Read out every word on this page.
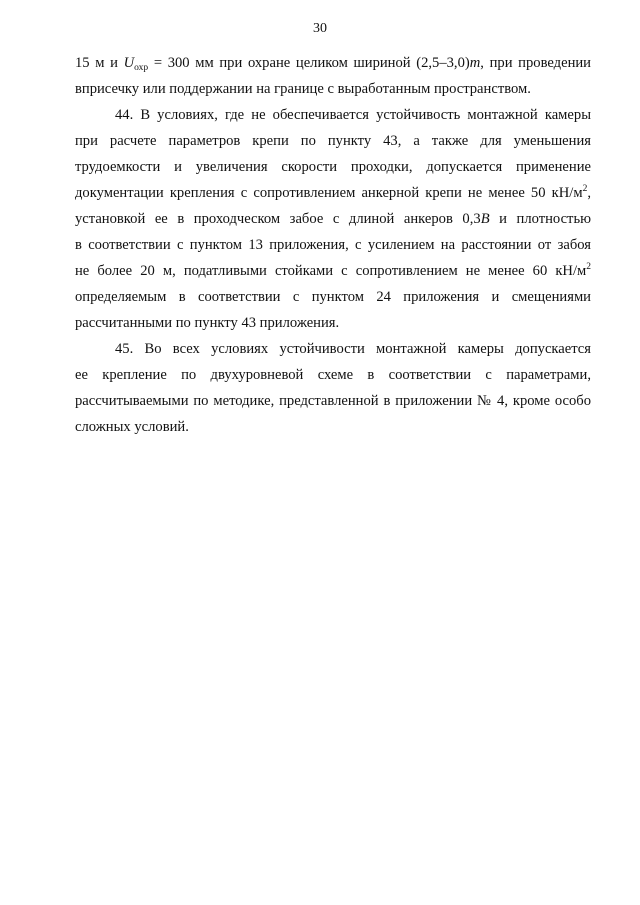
30
15 м и $U_{охр} = 300$ мм при охране целиком шириной (2,5–3,0)m, при проведении
вприсечку или поддержании на границе с выработанным пространством.
44. В условиях, где не обеспечивается устойчивость монтажной камеры
при расчете параметров крепи по пункту 43, а также для уменьшения
трудоемкости и увеличения скорости проходки, допускается применение
документации крепления с сопротивлением анкерной крепи не менее 50 $кН/м^2$,
установкой ее в проходческом забое с длиной анкеров 0,3B и плотностью
в соответствии с пунктом 13 приложения, с усилением на расстоянии от забоя
не более 20 м, податливыми стойками с сопротивлением не менее 60 $кН/м^2$
определяемым в соответствии с пунктом 24 приложения и смещениями
рассчитанными по пункту 43 приложения.
45. Во всех условиях устойчивости монтажной камеры допускается
ее крепление по двухуровневой схеме в соответствии с параметрами,
рассчитываемыми по методике, представленной в приложении № 4, кроме особо
сложных условий.
